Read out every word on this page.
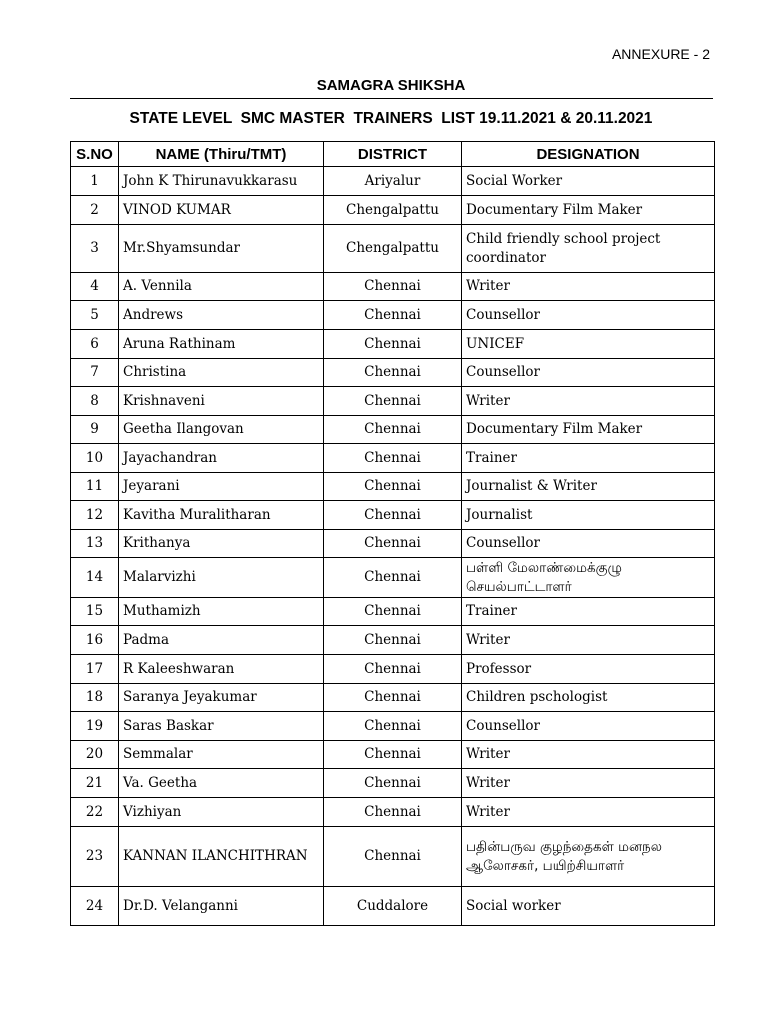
ANNEXURE - 2
SAMAGRA SHIKSHA
STATE LEVEL  SMC MASTER  TRAINERS  LIST 19.11.2021 & 20.11.2021
S.NO	NAME (Thiru/TMT)	DISTRICT	DESIGNATION
1	John K Thirunavukkarasu	Ariyalur	Social Worker
2	VINOD KUMAR	Chengalpattu	Documentary Film Maker
3	Mr.Shyamsundar	Chengalpattu	Child friendly school project coordinator
4	A. Vennila	Chennai	Writer
5	Andrews	Chennai	Counsellor
6	Aruna Rathinam	Chennai	UNICEF
7	Christina	Chennai	Counsellor
8	Krishnaveni	Chennai	Writer
9	Geetha Ilangovan	Chennai	Documentary Film Maker
10	Jayachandran	Chennai	Trainer
11	Jeyarani	Chennai	Journalist & Writer
12	Kavitha Muralitharan	Chennai	Journalist
13	Krithanya	Chennai	Counsellor
14	Malarvizhi	Chennai	பள்ளி மேலாண்மைக்குழு செயல்பாட்டாளர்
15	Muthamizh	Chennai	Trainer
16	Padma	Chennai	Writer
17	R Kaleeshwaran	Chennai	Professor
18	Saranya Jeyakumar	Chennai	Children pschologist
19	Saras Baskar	Chennai	Counsellor
20	Semmalar	Chennai	Writer
21	Va. Geetha	Chennai	Writer
22	Vizhiyan	Chennai	Writer
23	KANNAN ILANCHITHRAN	Chennai	பதின்பருவ குழந்தைகள் மனநல ஆலோசகர், பயிற்சியாளர்
24	Dr.D. Velanganni	Cuddalore	Social worker
